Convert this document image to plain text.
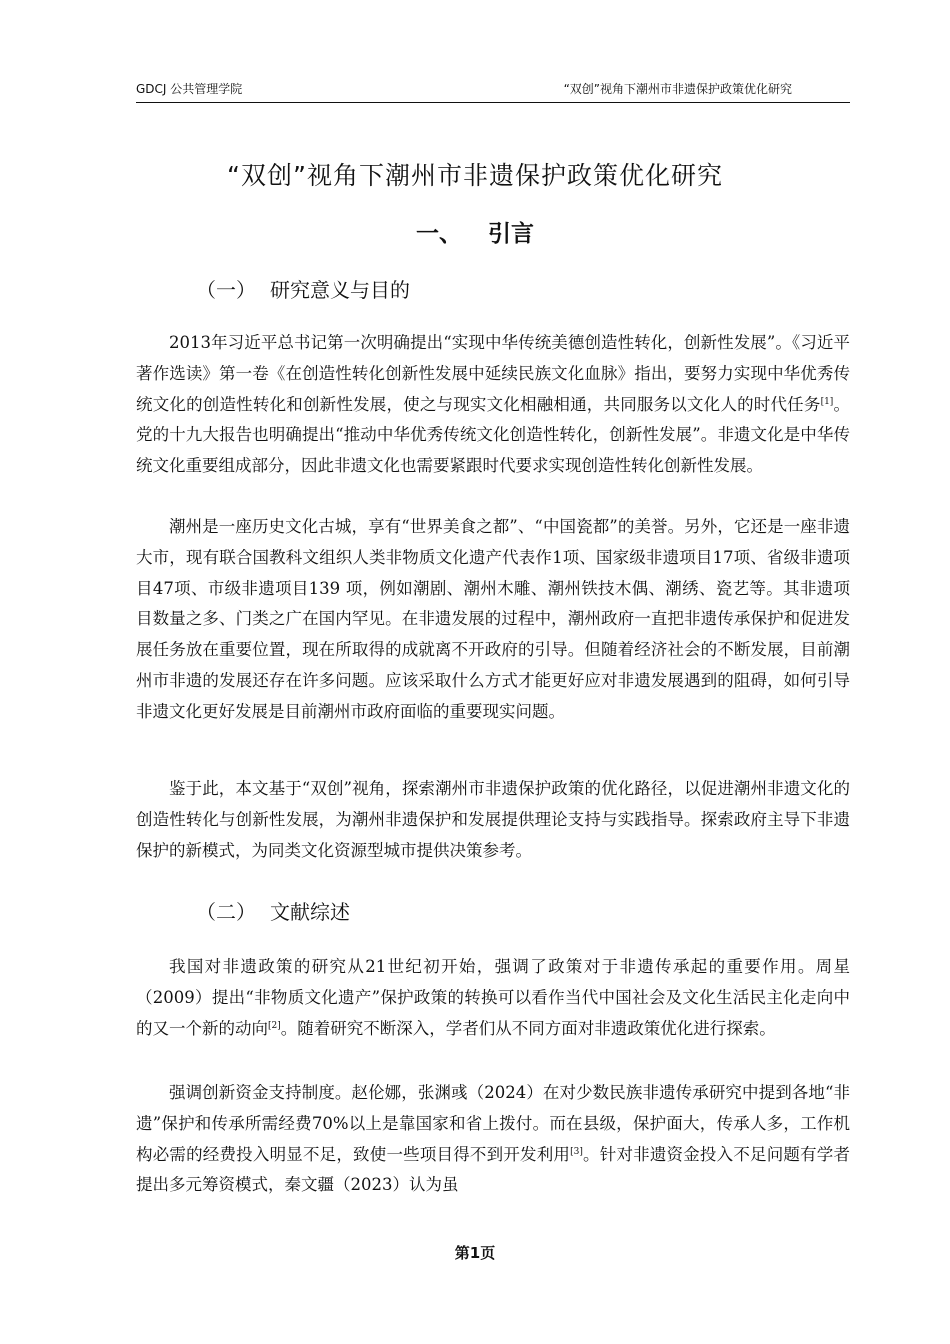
GDCJ 公共管理学院	“双创”视角下潮州市非遗保护政策优化研究
“双创”视角下潮州市非遗保护政策优化研究
一、 引言
（一） 研究意义与目的

2013年习近平总书记第一次明确提出“实现中华传统美德创造性转化，创新性发展”。《习近平著作选读》第一卷《在创造性转化创新性发展中延续民族文化血脉》指出，要努力实现中华优秀传统文化的创造性转化和创新性发展，使之与现实文化相融相通，共同服务以文化人的时代任务[1]。党的十九大报告也明确提出“推动中华优秀传统文化创造性转化，创新性发展”。非遗文化是中华传统文化重要组成部分，因此非遗文化也需要紧跟时代要求实现创造性转化创新性发展。

潮州是一座历史文化古城，享有“世界美食之都”、“中国瓷都”的美誉。另外，它还是一座非遗大市，现有联合国教科文组织人类非物质文化遗产代表作1项、国家级非遗项目17项、省级非遗项目47项、市级非遗项目139 项，例如潮剧、潮州木雕、潮州铁技木偶、潮绣、瓷艺等。其非遗项目数量之多、门类之广在国内罕见。在非遗发展的过程中，潮州政府一直把非遗传承保护和促进发展任务放在重要位置，现在所取得的成就离不开政府的引导。但随着经济社会的不断发展，目前潮州市非遗的发展还存在许多问题。应该采取什么方式才能更好应对非遗发展遇到的阻碍，如何引导非遗文化更好发展是目前潮州市政府面临的重要现实问题。

鉴于此，本文基于“双创”视角，探索潮州市非遗保护政策的优化路径，以促进潮州非遗文化的创造性转化与创新性发展，为潮州非遗保护和发展提供理论支持与实践指导。探索政府主导下非遗保护的新模式，为同类文化资源型城市提供决策参考。

（二） 文献综述

我国对非遗政策的研究从21世纪初开始，强调了政策对于非遗传承起的重要作用。周星（2009）提出“非物质文化遗产”保护政策的转换可以看作当代中国社会及文化生活民主化走向中的又一个新的动向[2]。随着研究不断深入，学者们从不同方面对非遗政策优化进行探索。

强调创新资金支持制度。赵伦娜，张渊彧（2024）在对少数民族非遗传承研究中提到各地“非遗”保护和传承所需经费70%以上是靠国家和省上拨付。而在县级，保护面大，传承人多，工作机构必需的经费投入明显不足，致使一些项目得不到开发利用[3]。针对非遗资金投入不足问题有学者提出多元筹资模式，秦文疆（2023）认为虽

第1页
